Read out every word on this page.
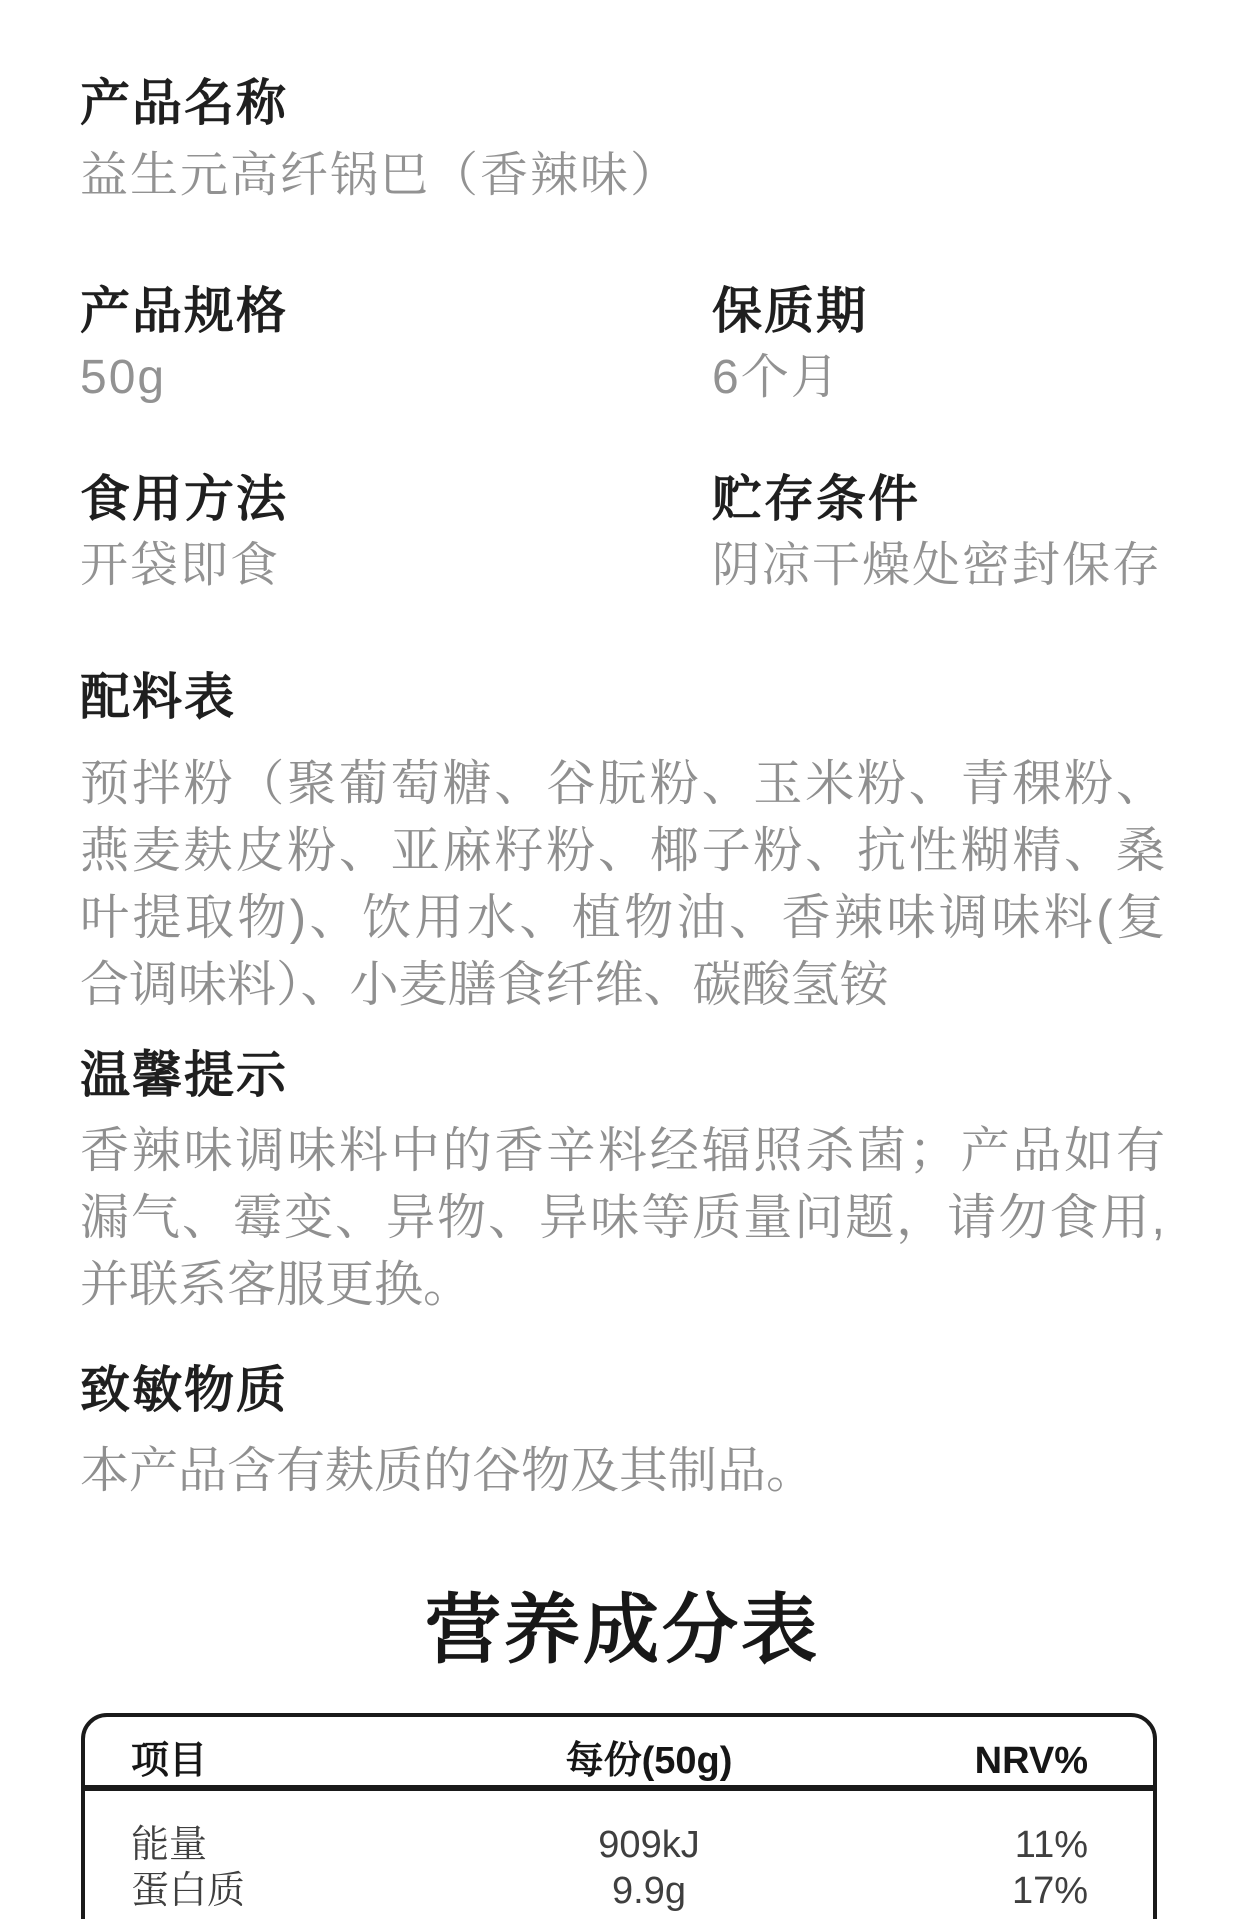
产品名称
益生元高纤锅巴（香辣味）
产品规格
50g
保质期
6个月
食用方法
开袋即食
贮存条件
阴凉干燥处密封保存
配料表
预拌粉（聚葡萄糖、谷朊粉、玉米粉、青稞粉、
燕麦麸皮粉、亚麻籽粉、椰子粉、抗性糊精、桑
叶提取物)、饮用水、植物油、香辣味调味料(复
合调味料）、小麦膳食纤维、碳酸氢铵
温馨提示
香辣味调味料中的香辛料经辐照杀菌；产品如有
漏气、霉变、异物、异味等质量问题，请勿食用,
并联系客服更换。
致敏物质
本产品含有麸质的谷物及其制品。
营养成分表
项目	每份(50g)	NRV%
能量	909kJ	11%
蛋白质	9.9g	17%
